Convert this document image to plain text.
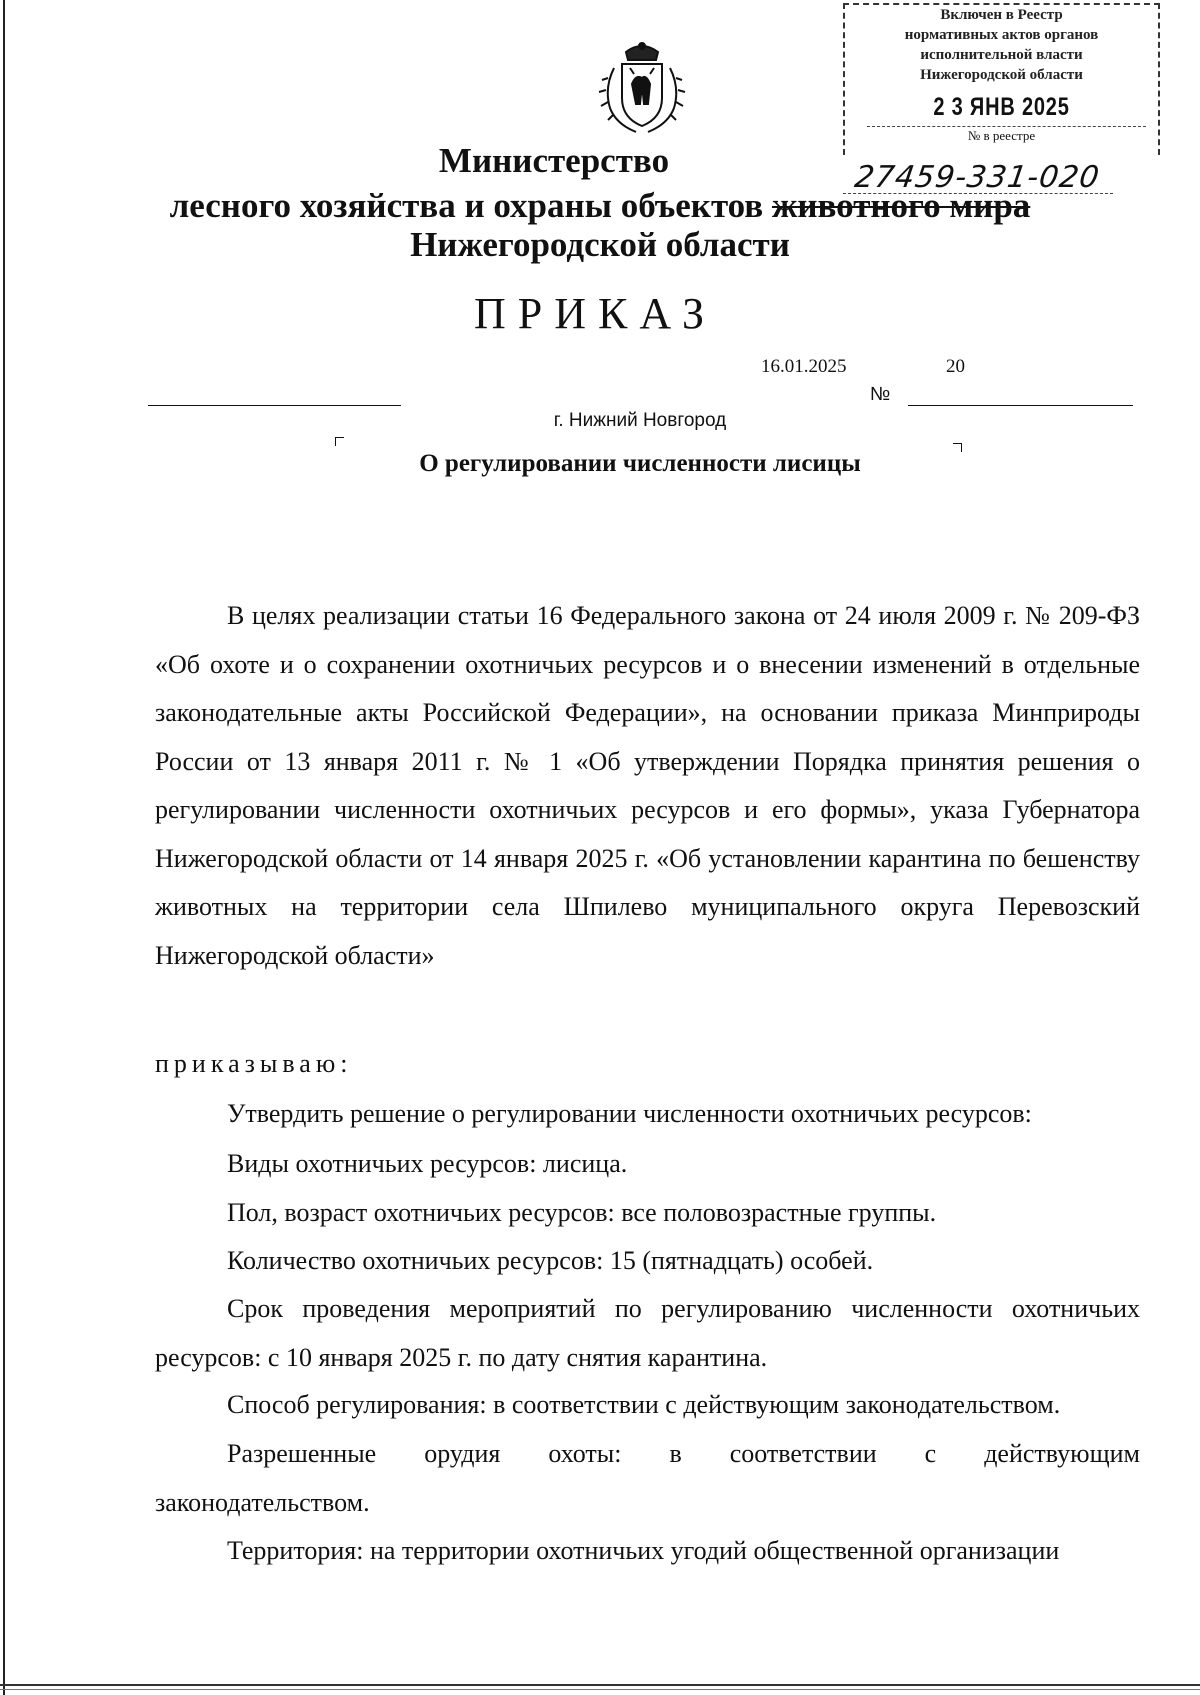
Включен в Реестр
нормативных актов органов
исполнительной власти
Нижегородской области
2 3 ЯНВ 2025
№ в реестре
27459-331-020
Министерство
лесного хозяйства и охраны объектов животного мира
Нижегородской области
ПРИКАЗ
16.01.2025	20
№
г. Нижний Новгород
О регулировании численности лисицы
В целях реализации статьи 16 Федерального закона от 24 июля 2009 г. № 209-ФЗ «Об охоте и о сохранении охотничьих ресурсов и о внесении изменений в отдельные законодательные акты Российской Федерации», на основании приказа Минприроды России от 13 января 2011 г. № 1 «Об утверждении Порядка принятия решения о регулировании численности охотничьих ресурсов и его формы», указа Губернатора Нижегородской области от 14 января 2025 г. «Об установлении карантина по бешенству животных на территории села Шпилево муниципального округа Перевозский Нижегородской области»
приказываю:
Утвердить решение о регулировании численности охотничьих ресурсов:
Виды охотничьих ресурсов: лисица.
Пол, возраст охотничьих ресурсов: все половозрастные группы.
Количество охотничьих ресурсов: 15 (пятнадцать) особей.
Срок проведения мероприятий по регулированию численности охотничьих ресурсов: с 10 января 2025 г. по дату снятия карантина.
Способ регулирования: в соответствии с действующим законодательством.
Разрешенные орудия охоты: в соответствии с действующим законодательством.
Территория: на территории охотничьих угодий общественной организации
